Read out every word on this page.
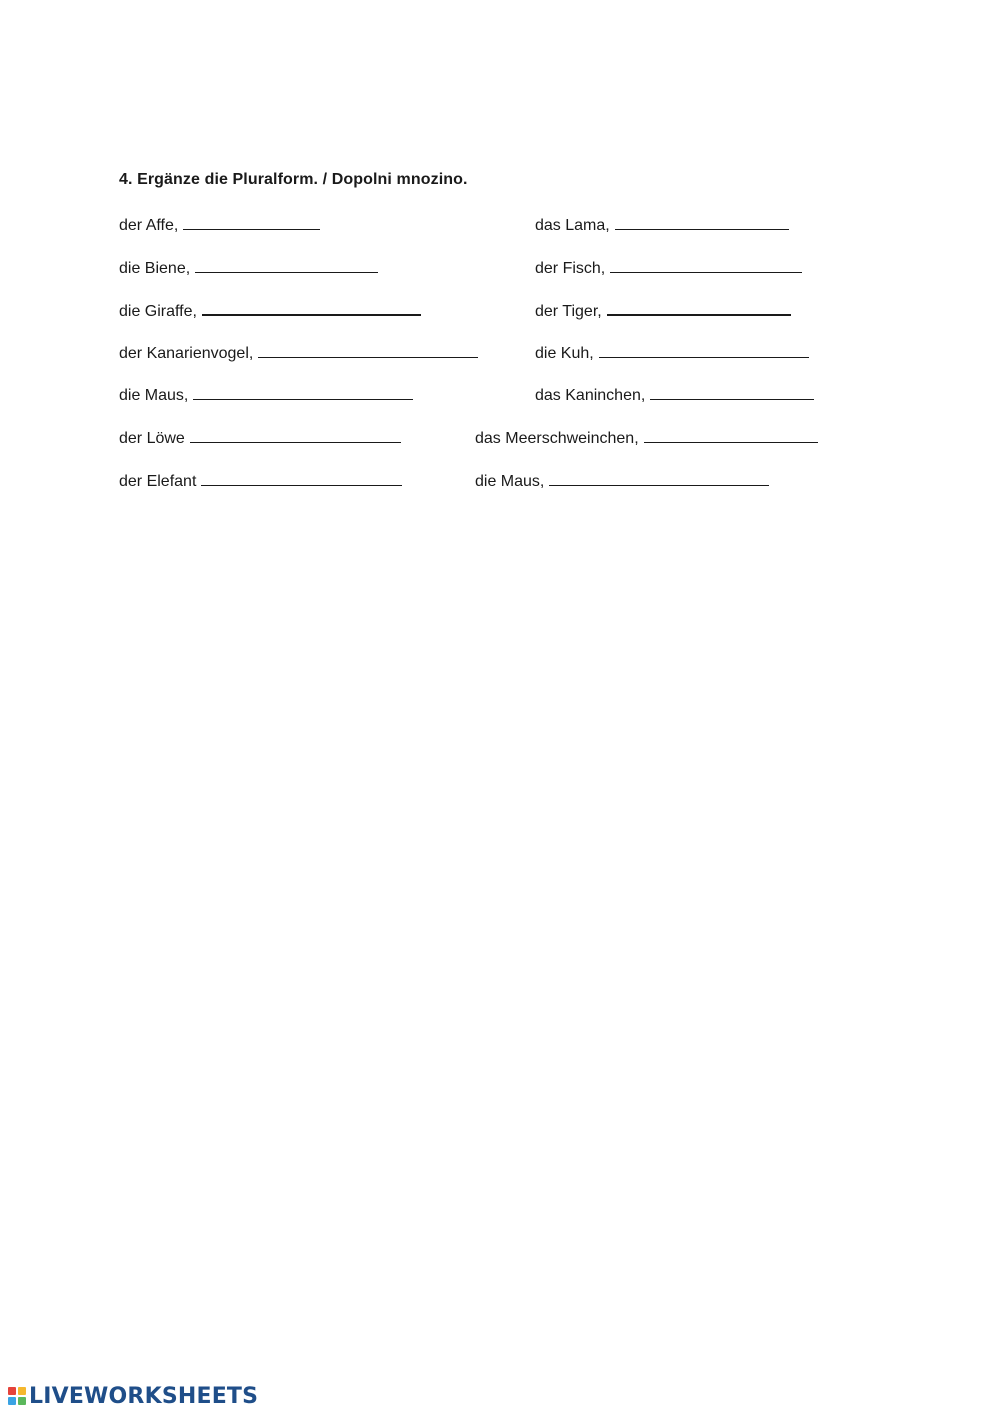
4. Ergänze die Pluralform. / Dopolni mnozino.
der Affe,	das Lama,
die Biene,	der Fisch,
die Giraffe,	der Tiger,
der Kanarienvogel,	die Kuh,
die Maus,	das Kaninchen,
der Löwe	das Meerschweinchen,
der Elefant	die Maus,
LIVEWORKSHEETS
